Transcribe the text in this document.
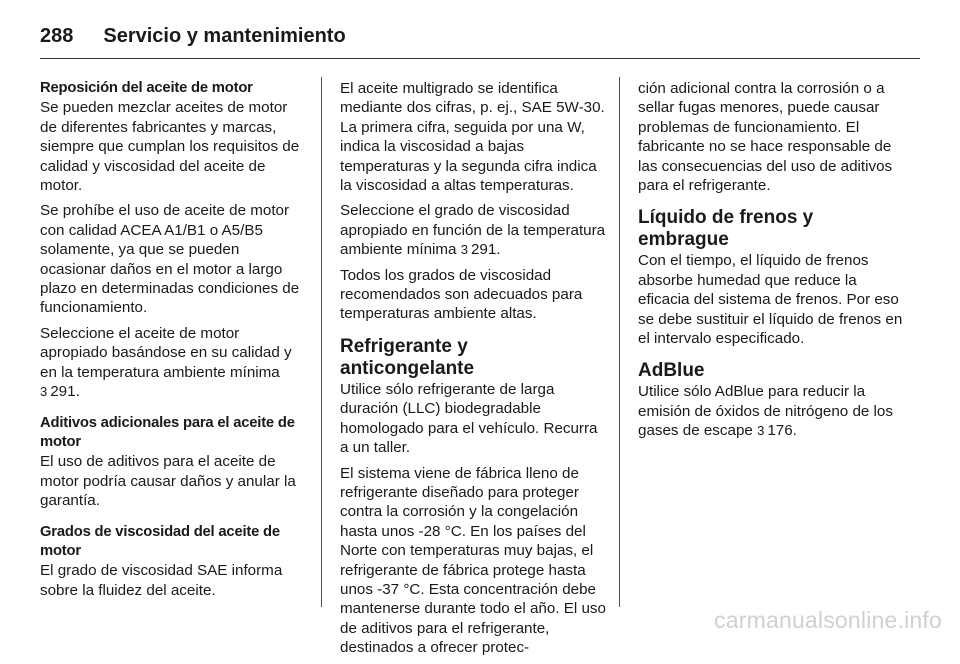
288 Servicio y mantenimiento
Reposición del aceite de motor

Se pueden mezclar aceites de motor de diferentes fabricantes y marcas, siempre que cumplan los requisitos de calidad y viscosidad del aceite de motor.

Se prohíbe el uso de aceite de motor con calidad ACEA A1/B1 o A5/B5 solamente, ya que se pueden ocasionar daños en el motor a largo plazo en determinadas condiciones de funcionamiento.

Seleccione el aceite de motor apropiado basándose en su calidad y en la temperatura ambiente mínima
3 291.

Aditivos adicionales para el aceite de motor

El uso de aditivos para el aceite de motor podría causar daños y anular la garantía.

Grados de viscosidad del aceite de motor

El grado de viscosidad SAE informa sobre la fluidez del aceite.

El aceite multigrado se identifica mediante dos cifras, p. ej., SAE 5W-30. La primera cifra, seguida por una W, indica la viscosidad a bajas temperaturas y la segunda cifra indica la viscosidad a altas temperaturas.

Seleccione el grado de viscosidad apropiado en función de la temperatura ambiente mínima 3 291.

Todos los grados de viscosidad recomendados son adecuados para temperaturas ambiente altas.

Refrigerante y anticongelante

Utilice sólo refrigerante de larga duración (LLC) biodegradable homologado para el vehículo. Recurra a un taller.

El sistema viene de fábrica lleno de refrigerante diseñado para proteger contra la corrosión y la congelación hasta unos -28 °C. En los países del Norte con temperaturas muy bajas, el refrigerante de fábrica protege hasta unos -37 °C. Esta concentración debe mantenerse durante todo el año. El uso de aditivos para el refrigerante, destinados a ofrecer protec-

ción adicional contra la corrosión o a sellar fugas menores, puede causar problemas de funcionamiento. El fabricante no se hace responsable de las consecuencias del uso de aditivos para el refrigerante.

Líquido de frenos y embrague

Con el tiempo, el líquido de frenos absorbe humedad que reduce la eficacia del sistema de frenos. Por eso se debe sustituir el líquido de frenos en el intervalo especificado.

AdBlue

Utilice sólo AdBlue para reducir la emisión de óxidos de nitrógeno de los gases de escape 3 176.

carmanualsonline.info
